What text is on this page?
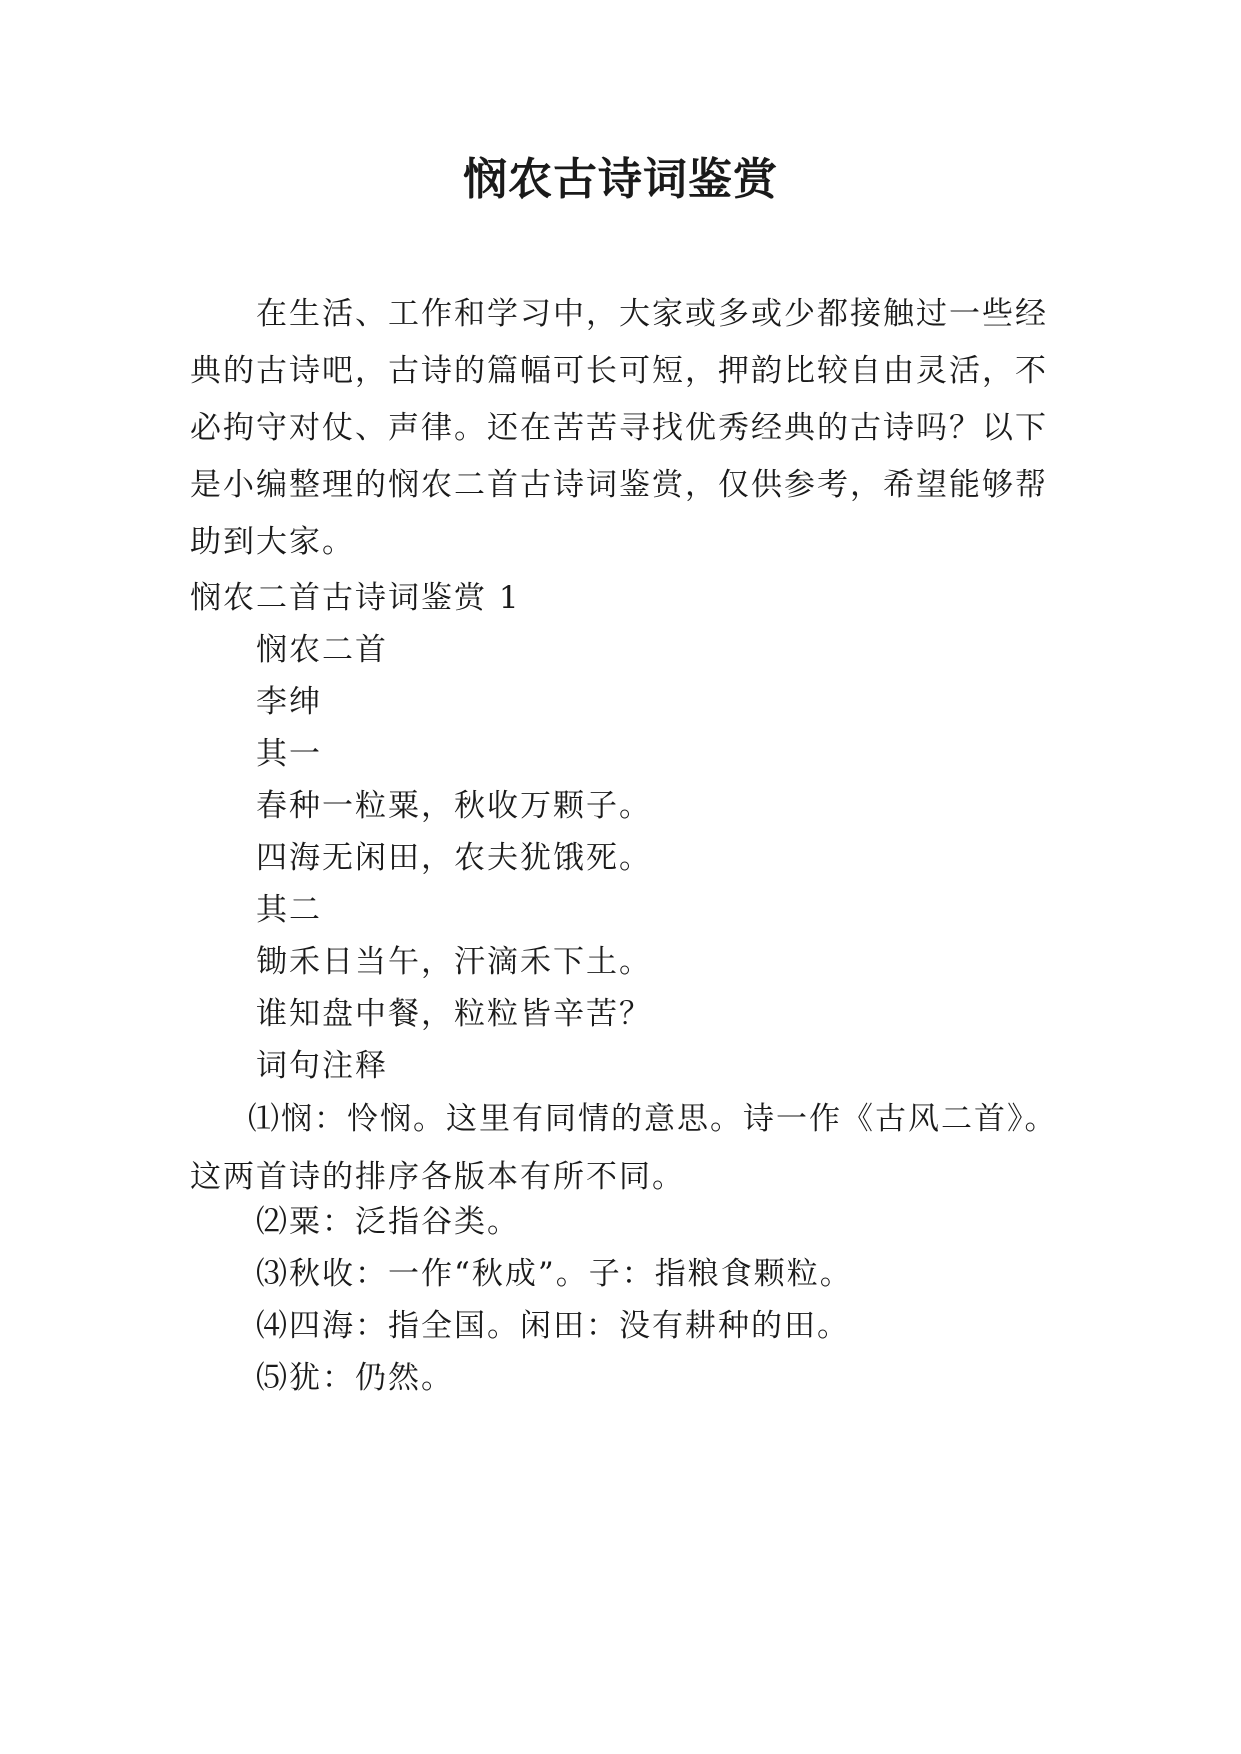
悯农古诗词鉴赏

在生活、工作和学习中，大家或多或少都接触过一些经典的古诗吧，古诗的篇幅可长可短，押韵比较自由灵活，不必拘守对仗、声律。还在苦苦寻找优秀经典的古诗吗？以下是小编整理的悯农二首古诗词鉴赏，仅供参考，希望能够帮助到大家。

悯农二首古诗词鉴赏 1
悯农二首
李绅
其一
春种一粒粟，秋收万颗子。
四海无闲田，农夫犹饿死。
其二
锄禾日当午，汗滴禾下土。
谁知盘中餐，粒粒皆辛苦？
词句注释

⑴悯：怜悯。这里有同情的意思。诗一作《古风二首》。这两首诗的排序各版本有所不同。

⑵粟：泛指谷类。
⑶秋收：一作“秋成”。子：指粮食颗粒。
⑷四海：指全国。闲田：没有耕种的田。
⑸犹：仍然。
